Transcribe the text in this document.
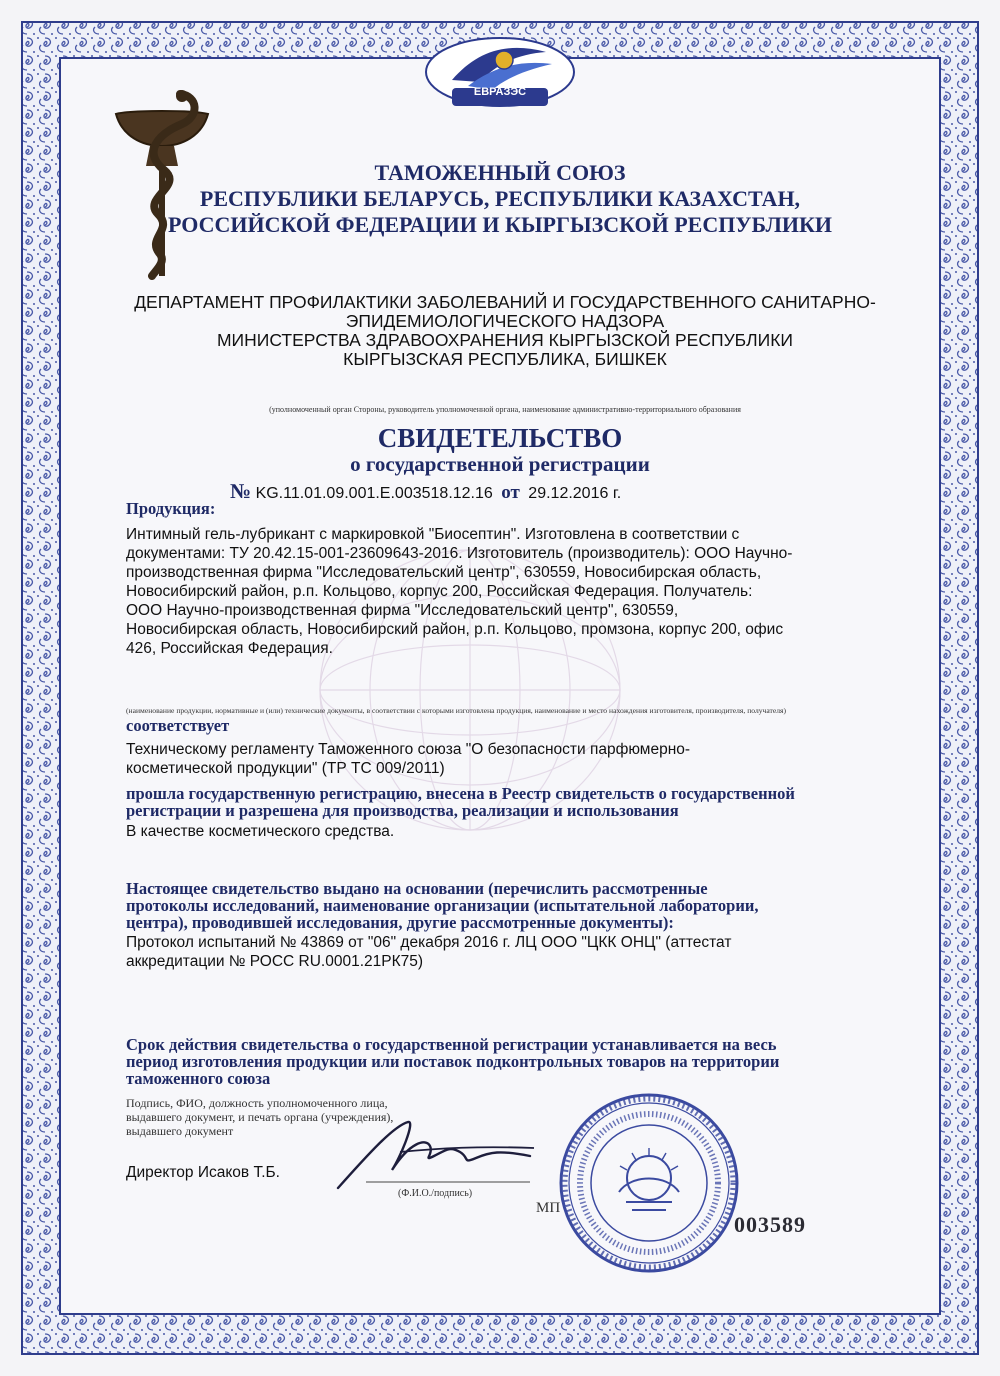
ЕВРАЗЭС
ТАМОЖЕННЫЙ СОЮЗ
РЕСПУБЛИКИ БЕЛАРУСЬ, РЕСПУБЛИКИ КАЗАХСТАН,
РОССИЙСКОЙ ФЕДЕРАЦИИ И КЫРГЫЗСКОЙ РЕСПУБЛИКИ
ДЕПАРТАМЕНТ ПРОФИЛАКТИКИ ЗАБОЛЕВАНИЙ И ГОСУДАРСТВЕННОГО САНИТАРНО-
ЭПИДЕМИОЛОГИЧЕСКОГО НАДЗОРА
МИНИСТЕРСТВА ЗДРАВООХРАНЕНИЯ КЫРГЫЗСКОЙ РЕСПУБЛИКИ
КЫРГЫЗСКАЯ РЕСПУБЛИКА, БИШКЕК
(уполномоченный орган Стороны, руководитель уполномоченной органа, наименование административно-территориального образования
СВИДЕТЕЛЬСТВО
о государственной регистрации
№ KG.11.01.09.001.Е.003518.12.16 от 29.12.2016 г.
Продукция:
Интимный гель-лубрикант с маркировкой "Биосептин". Изготовлена в соответствии с
документами: ТУ 20.42.15-001-23609643-2016. Изготовитель (производитель): ООО Научно-
производственная фирма "Исследовательский центр", 630559, Новосибирская область,
Новосибирский район, р.п. Кольцово, корпус 200, Российская Федерация. Получатель:
ООО Научно-производственная фирма "Исследовательский центр", 630559,
Новосибирская область, Новосибирский район, р.п. Кольцово, промзона, корпус 200, офис
426, Российская Федерация.
(наименование продукции, нормативные и (или) технические документы, в соответствии с которыми изготовлена продукция, наименование и место нахождения изготовителя, производителя, получателя)
соответствует
Техническому регламенту Таможенного союза "О безопасности парфюмерно-
косметической продукции" (ТР ТС 009/2011)
прошла государственную регистрацию, внесена в Реестр свидетельств о государственной
регистрации и разрешена для производства, реализации и использования
В качестве косметического средства.
Настоящее свидетельство выдано на основании (перечислить рассмотренные
протоколы исследований, наименование организации (испытательной лаборатории,
центра), проводившей исследования, другие рассмотренные документы):
Протокол испытаний № 43869 от "06" декабря 2016 г. ЛЦ ООО "ЦКК ОНЦ" (аттестат
аккредитации № РОСС RU.0001.21РК75)
Срок действия свидетельства о государственной регистрации устанавливается на весь
период изготовления продукции или поставок подконтрольных товаров на территории
таможенного союза
Подпись, ФИО, должность уполномоченного лица,
выдавшего документ, и печать органа (учреждения),
выдавшего документ
Директор Исаков Т.Б.
(Ф.И.О./подпись)
МП
003589
